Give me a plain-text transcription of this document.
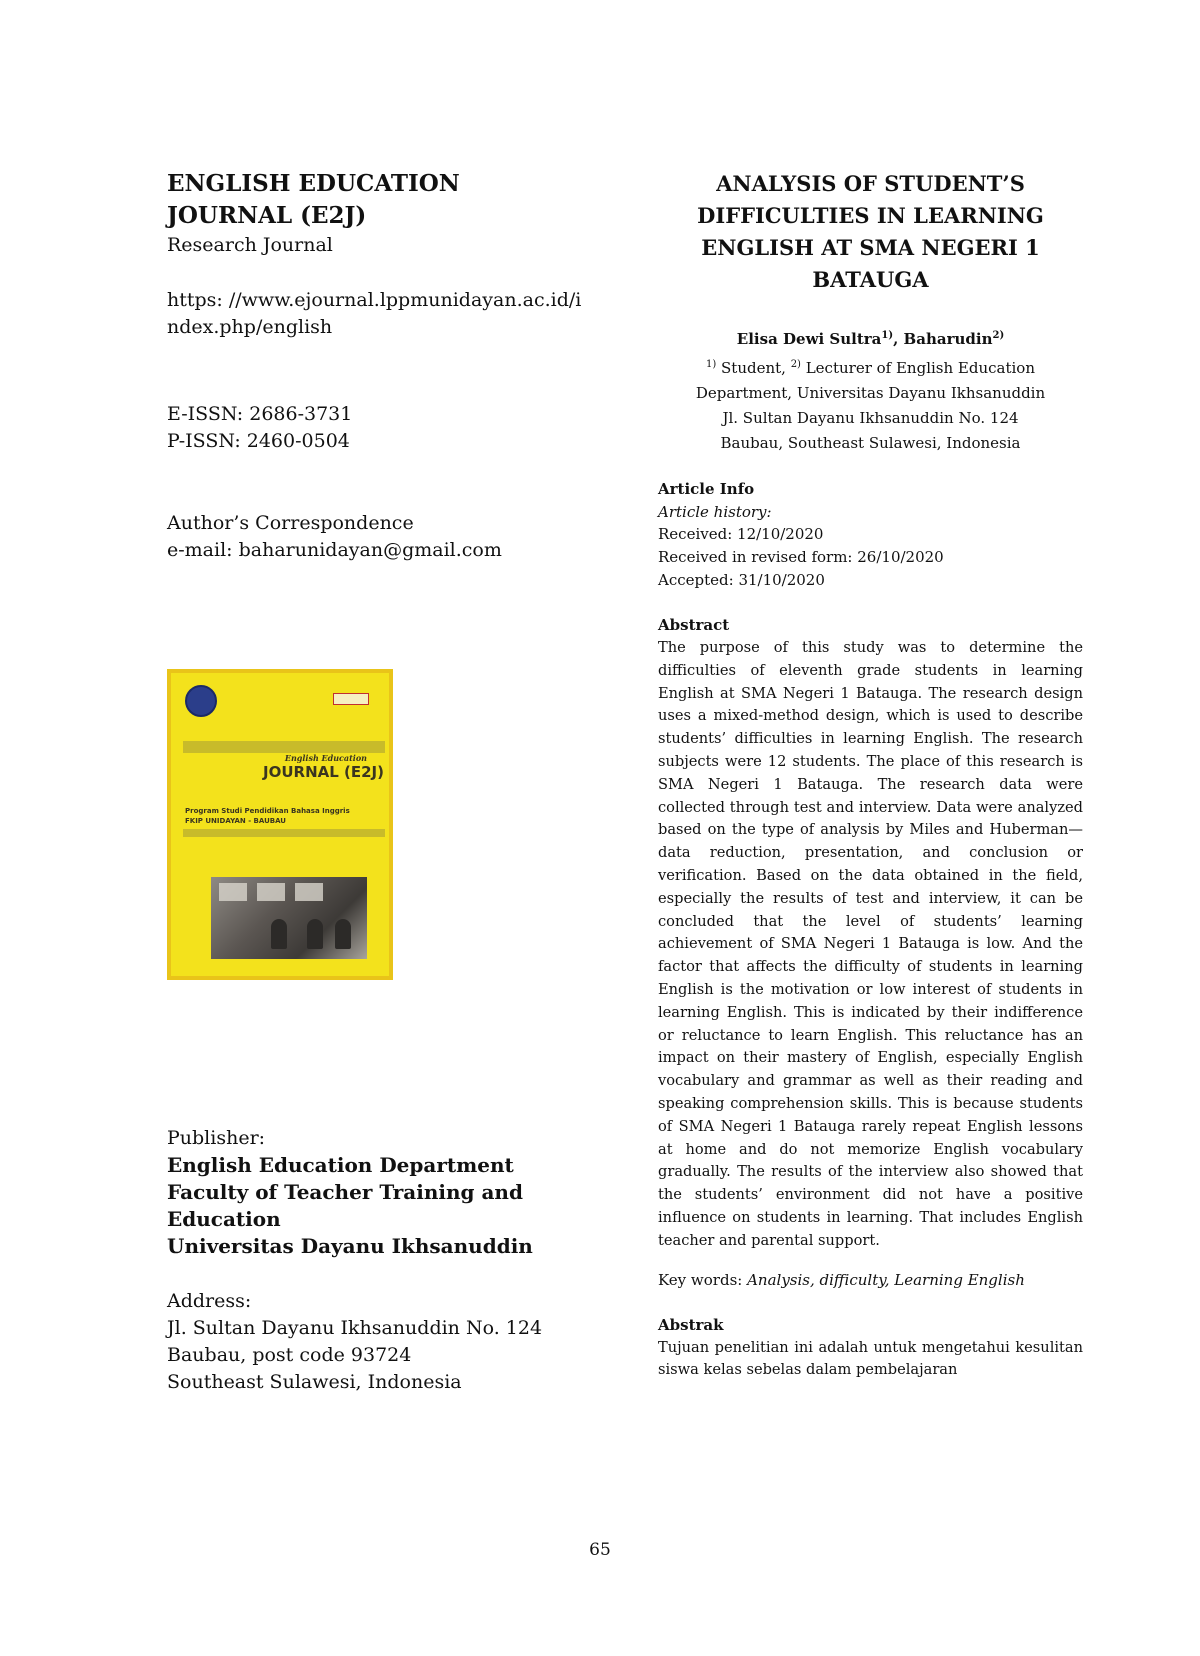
ENGLISH EDUCATION JOURNAL (E2J)

Research Journal

https: //www.ejournal.lppmunidayan.ac.id/index.php/english

E-ISSN: 2686-3731

P-ISSN: 2460-0504

Author’s Correspondence

e-mail: baharunidayan@gmail.com

English Education
JOURNAL (E2J)
Program Studi Pendidikan Bahasa Inggris
FKIP UNIDAYAN - BAUBAU

Publisher:

English Education Department

Faculty of Teacher Training and Education

Universitas Dayanu Ikhsanuddin

Address:

Jl. Sultan Dayanu Ikhsanuddin No. 124

Baubau, post code 93724

Southeast Sulawesi, Indonesia

ANALYSIS OF STUDENT’S DIFFICULTIES IN LEARNING ENGLISH AT SMA NEGERI 1 BATAUGA

Elisa Dewi Sultra$^{1)}$, Baharudin$^{2)}$

$^{1)}$ Student, $^{2)}$ Lecturer of English Education Department, Universitas Dayanu Ikhsanuddin
Jl. Sultan Dayanu Ikhsanuddin No. 124
Baubau, Southeast Sulawesi, Indonesia

Article Info

Article history:

Received: 12/10/2020

Received in revised form: 26/10/2020

Accepted: 31/10/2020

Abstract

The purpose of this study was to determine the difficulties of eleventh grade students in learning English at SMA Negeri 1 Batauga. The research design uses a mixed-method design, which is used to describe students’ difficulties in learning English. The research subjects were 12 students. The place of this research is SMA Negeri 1 Batauga. The research data were collected through test and interview. Data were analyzed based on the type of analysis by Miles and Huberman—data reduction, presentation, and conclusion or verification. Based on the data obtained in the field, especially the results of test and interview, it can be concluded that the level of students’ learning achievement of SMA Negeri 1 Batauga is low. And the factor that affects the difficulty of students in learning English is the motivation or low interest of students in learning English. This is indicated by their indifference or reluctance to learn English. This reluctance has an impact on their mastery of English, especially English vocabulary and grammar as well as their reading and speaking comprehension skills. This is because students of SMA Negeri 1 Batauga rarely repeat English lessons at home and do not memorize English vocabulary gradually. The results of the interview also showed that the students’ environment did not have a positive influence on students in learning. That includes English teacher and parental support.

Key words: Analysis, difficulty, Learning English

Abstrak

Tujuan penelitian ini adalah untuk mengetahui kesulitan siswa kelas sebelas dalam pembelajaran

65
